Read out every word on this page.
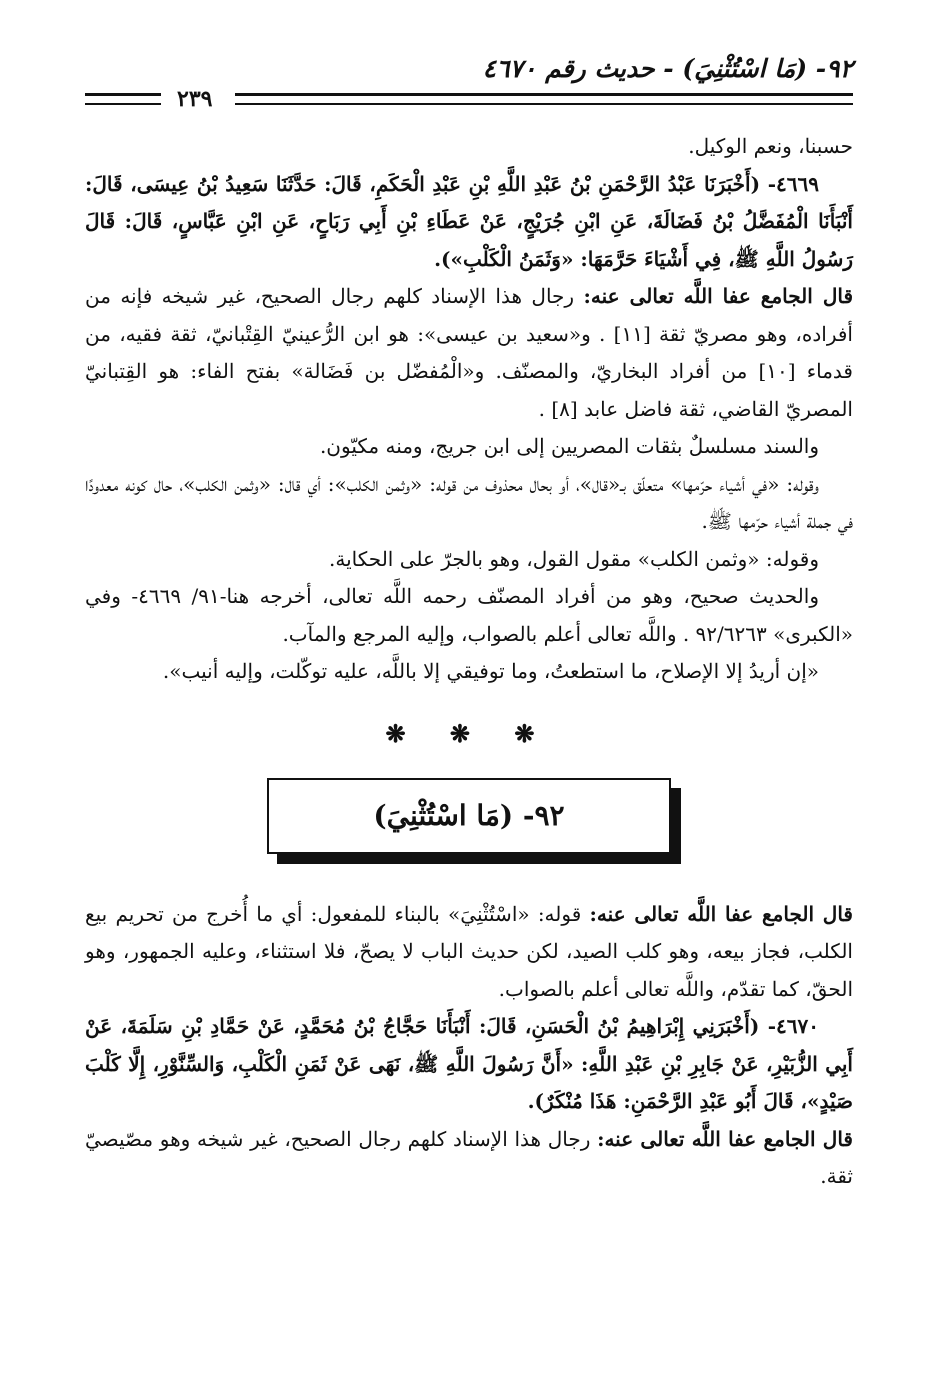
٩٢- (مَا اسْتُثْنِيَ) - حديث رقم ٤٦٧٠
٢٣٩

حسبنا، ونعم الوكيل.

٤٦٦٩- (أَخْبَرَنَا عَبْدُ الرَّحْمَنِ بْنُ عَبْدِ اللَّهِ بْنِ عَبْدِ الْحَكَمِ، قَالَ: حَدَّثَنَا سَعِيدُ بْنُ عِيسَى، قَالَ: أَنْبَأَنَا الْمُفَضَّلُ بْنُ فَضَالَةَ، عَنِ ابْنِ جُرَيْجٍ، عَنْ عَطَاءِ بْنِ أَبِي رَبَاحٍ، عَنِ ابْنِ عَبَّاسٍ، قَالَ: قَالَ رَسُولُ اللَّهِ ﷺ، فِي أَشْيَاءَ حَرَّمَهَا: «وَثَمَنُ الْكَلْبِ»).

قال الجامع عفا اللَّه تعالى عنه: رجال هذا الإسناد كلهم رجال الصحيح، غير شيخه فإنه من أفراده، وهو مصريّ ثقة [١١] . و«سعيد بن عيسى»: هو ابن الرُّعينيّ القِتْبانيّ، ثقة فقيه، من قدماء [١٠] من أفراد البخاريّ، والمصنّف. و«الْمُفضّل بن فَضَالة» بفتح الفاء: هو القِتبانيّ المصريّ القاضي، ثقة فاضل عابد [٨] .

والسند مسلسلٌ بثقات المصريين إلى ابن جريج، ومنه مكيّون.

وقوله: «في أشياء حرّمها» متعلّق بـ«قال»، أو بحال محذوف من قوله: «وثمن الكلب»: أي قال: «وثمن الكلب»، حال كونه معدودًا في جملة أشياء حرّمها ﷺ.

وقوله: «وثمن الكلب» مقول القول، وهو بالجرّ على الحكاية.

والحديث صحيح، وهو من أفراد المصنّف رحمه اللَّه تعالى، أخرجه هنا-٩١/ ٤٦٦٩- وفي «الكبرى» ٩٢/٦٢٦٣ . واللَّه تعالى أعلم بالصواب، وإليه المرجع والمآب.

«إن أريدُ إلا الإصلاح، ما استطعتُ، وما توفيقي إلا باللَّه، عليه توكّلت، وإليه أنيب».

❋ ❋ ❋
٩٢- (مَا اسْتُثْنِيَ)

قال الجامع عفا اللَّه تعالى عنه: قوله: «اسْتُثْنِيَ» بالبناء للمفعول: أي ما أُخرج من تحريم بيع الكلب، فجاز بيعه، وهو كلب الصيد، لكن حديث الباب لا يصحّ، فلا استثناء، وعليه الجمهور، وهو الحقّ، كما تقدّم، واللَّه تعالى أعلم بالصواب.

٤٦٧٠- (أَخْبَرَنِي إِبْرَاهِيمُ بْنُ الْحَسَنِ، قَالَ: أَنْبَأَنَا حَجَّاجُ بْنُ مُحَمَّدٍ، عَنْ حَمَّادِ بْنِ سَلَمَةَ، عَنْ أَبِي الزُّبَيْرِ، عَنْ جَابِرِ بْنِ عَبْدِ اللَّهِ: «أَنَّ رَسُولَ اللَّهِ ﷺ، نَهَى عَنْ ثَمَنِ الْكَلْبِ، وَالسِّنَّوْرِ، إِلَّا كَلْبَ صَيْدٍ»، قَالَ أَبُو عَبْدِ الرَّحْمَنِ: هَذَا مُنْكَرٌ).

قال الجامع عفا اللَّه تعالى عنه: رجال هذا الإسناد كلهم رجال الصحيح، غير شيخه وهو مصّيصيّ ثقة.
